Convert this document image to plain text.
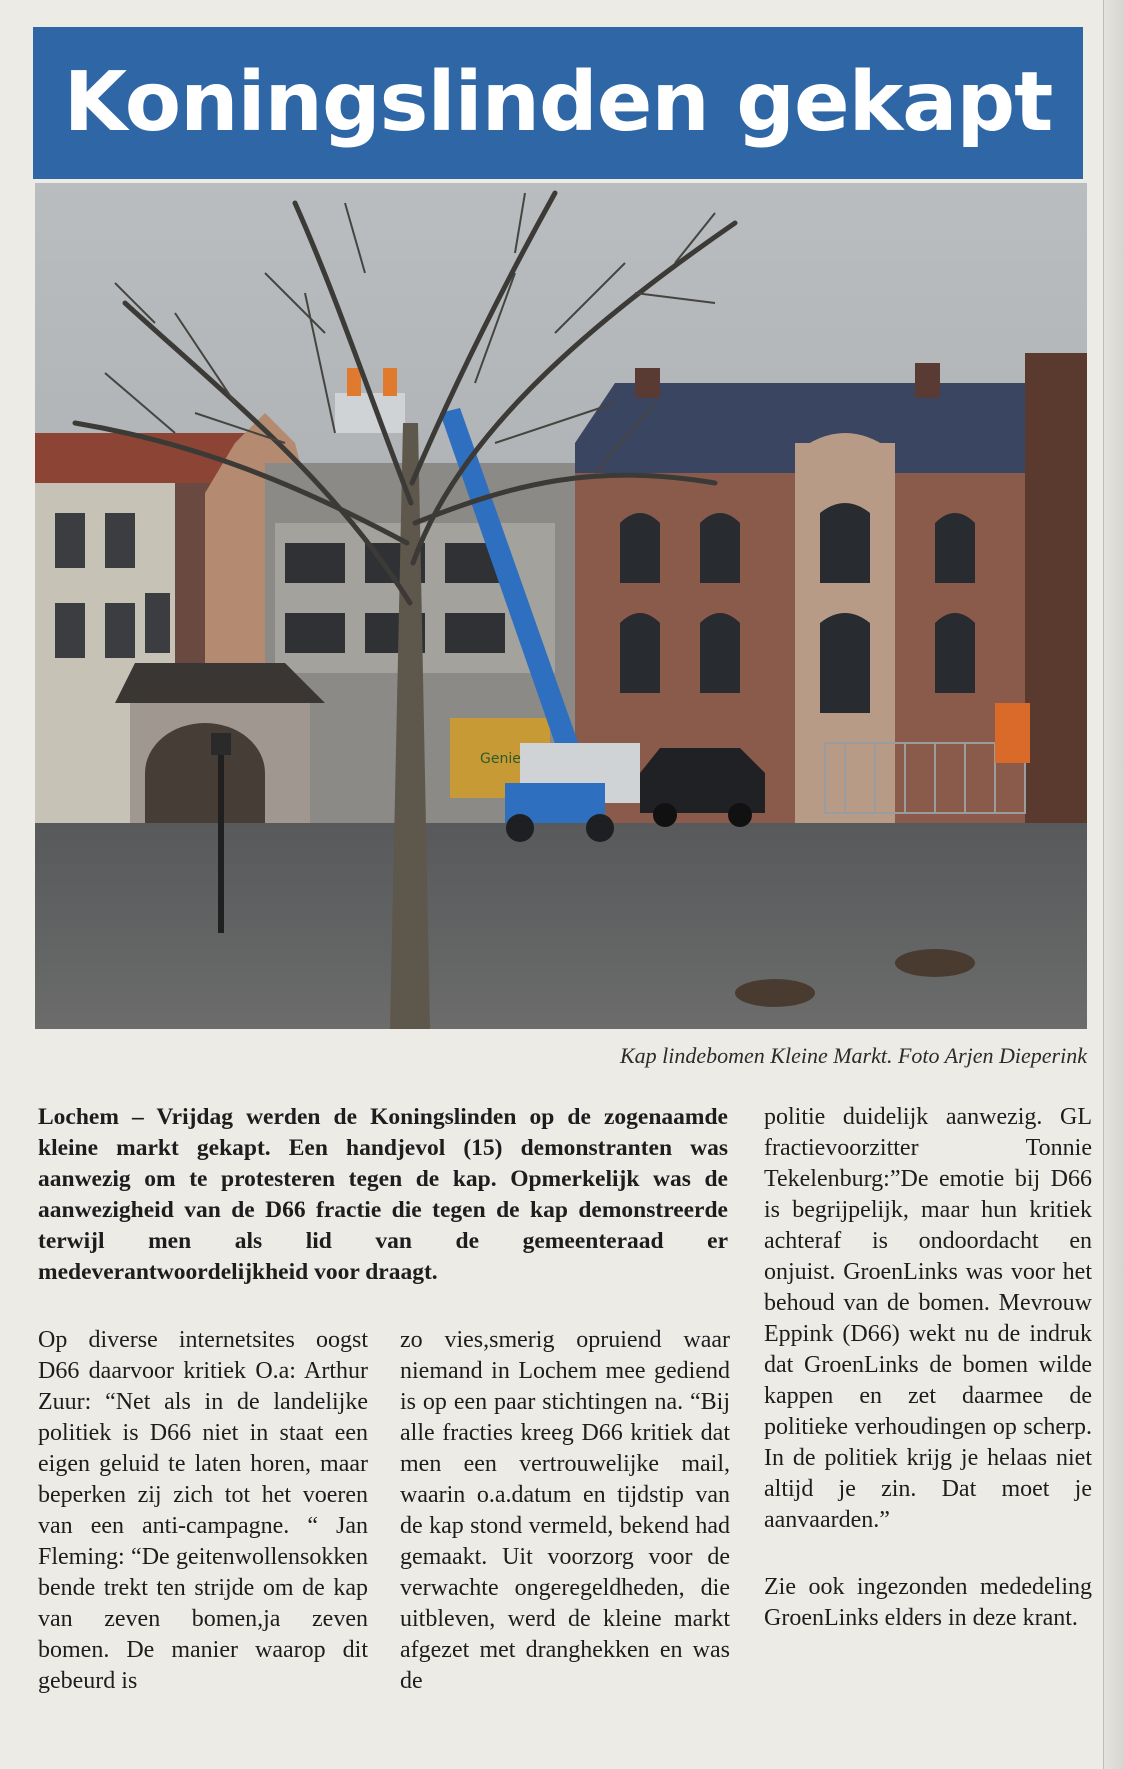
Koningslinden gekapt
Genie
Kap lindebomen Kleine Markt. Foto Arjen Dieperink

Lochem – Vrijdag werden de Koningslinden op de zogenaamde kleine markt gekapt. Een handjevol (15) demonstranten was aanwezig om te protesteren tegen de kap. Opmerkelijk was de aanwezigheid van de D66 fractie die tegen de kap demonstreerde terwijl men als lid van de gemeenteraad er medeverantwoordelijkheid voor draagt.

Op diverse internetsites oogst D66 daarvoor kritiek O.a: Arthur Zuur: “Net als in de landelijke politiek is D66 niet in staat een eigen geluid te laten horen, maar beperken zij zich tot het voeren van een anti-campagne. “ Jan Fleming: “De geitenwollensokken bende trekt ten strijde om de kap van zeven bomen,ja zeven bomen. De manier waarop dit gebeurd is

zo vies,smerig opruiend waar niemand in Lochem mee gediend is op een paar stichtingen na. “Bij alle fracties kreeg D66 kritiek dat men een vertrouwelijke mail, waarin o.a.datum en tijdstip van de kap stond vermeld, bekend had gemaakt. Uit voorzorg voor de verwachte ongeregeldheden, die uitbleven, werd de kleine markt afgezet met dranghekken en was de

politie duidelijk aanwezig. GL fractievoorzitter Tonnie Tekelenburg:”De emotie bij D66 is begrijpelijk, maar hun kritiek achteraf is ondoordacht en onjuist. GroenLinks was voor het behoud van de bomen. Mevrouw Eppink (D66) wekt nu de indruk dat GroenLinks de bomen wilde kappen en zet daarmee de politieke verhoudingen op scherp. In de politiek krijg je helaas niet altijd je zin. Dat moet je aanvaarden.”
Zie ook ingezonden mededeling GroenLinks elders in deze krant.
